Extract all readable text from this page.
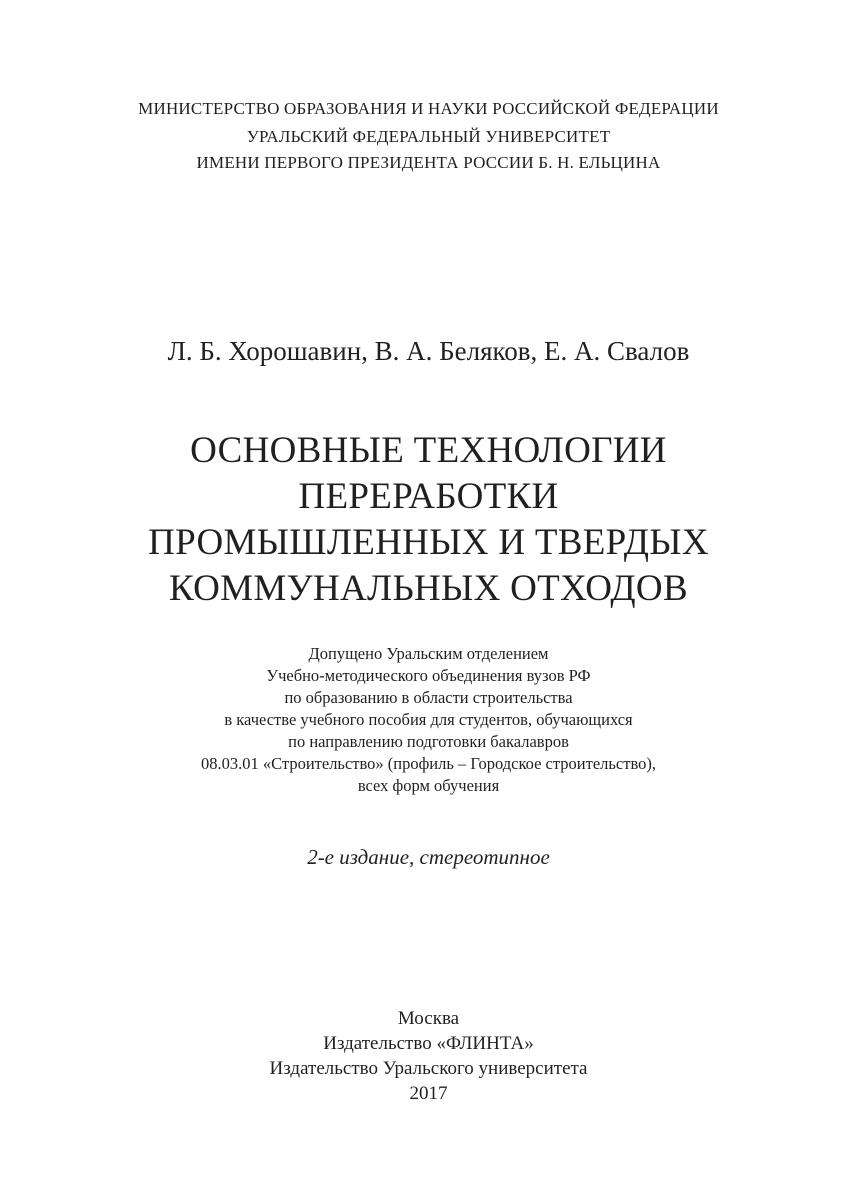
МИНИСТЕРСТВО ОБРАЗОВАНИЯ И НАУКИ РОССИЙСКОЙ ФЕДЕРАЦИИ
УРАЛЬСКИЙ ФЕДЕРАЛЬНЫЙ УНИВЕРСИТЕТ
ИМЕНИ ПЕРВОГО ПРЕЗИДЕНТА РОССИИ Б. Н. ЕЛЬЦИНА
Л. Б. Хорошавин, В. А. Беляков, Е. А. Свалов
ОСНОВНЫЕ ТЕХНОЛОГИИ
ПЕРЕРАБОТКИ
ПРОМЫШЛЕННЫХ И ТВЕРДЫХ
КОММУНАЛЬНЫХ ОТХОДОВ
Допущено Уральским отделением
Учебно-методического объединения вузов РФ
по образованию в области строительства
в качестве учебного пособия для студентов, обучающихся
по направлению подготовки бакалавров
08.03.01 «Строительство» (профиль – Городское строительство),
всех форм обучения
2-е издание, стереотипное
Москва
Издательство «ФЛИНТА»
Издательство Уральского университета
2017
